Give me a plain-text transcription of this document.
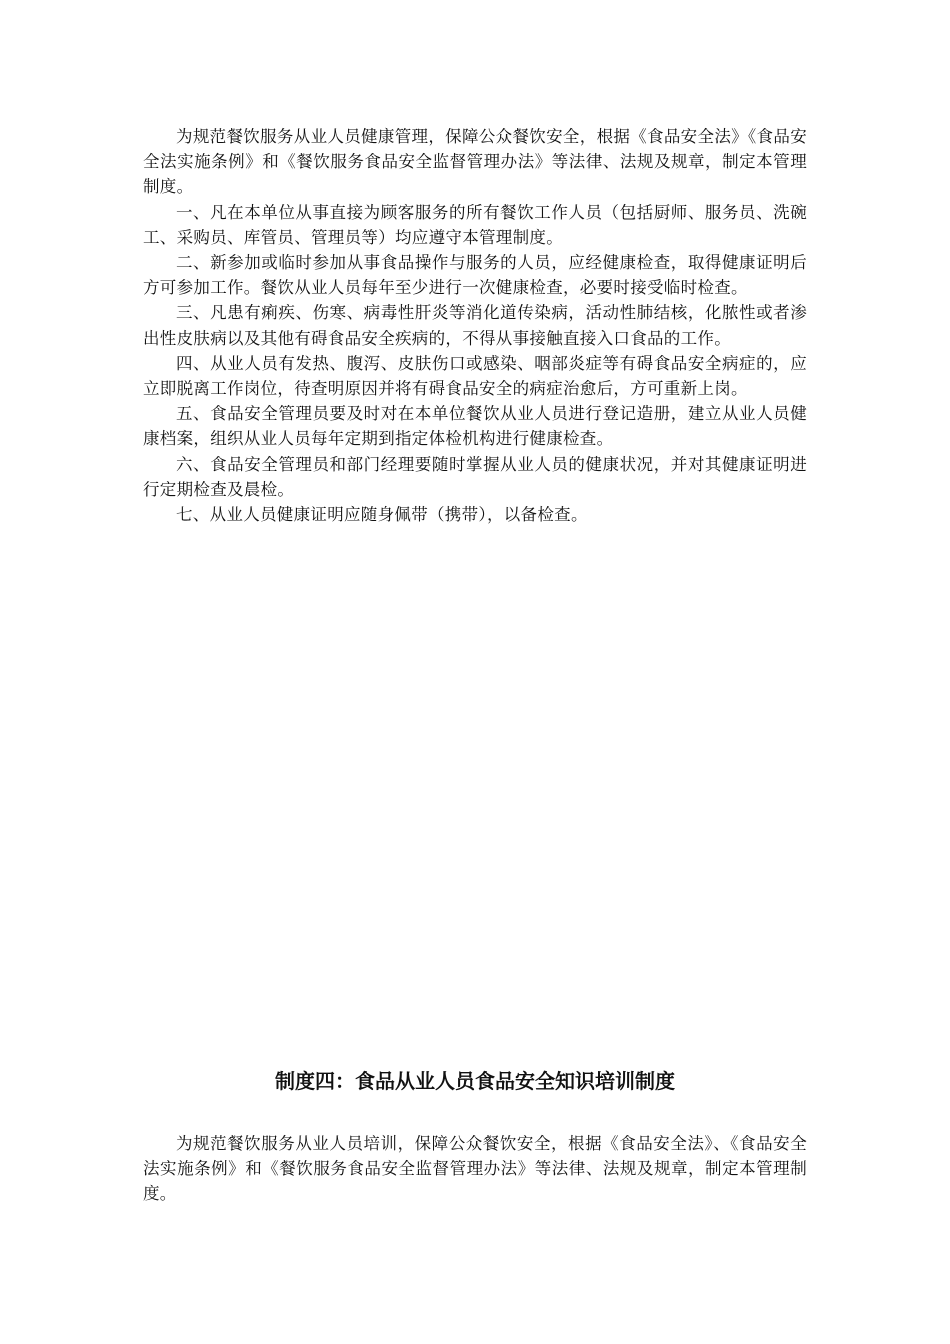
为规范餐饮服务从业人员健康管理，保障公众餐饮安全，根据《食品安全法》《食品安全法实施条例》和《餐饮服务食品安全监督管理办法》等法律、法规及规章，制定本管理制度。

一、凡在本单位从事直接为顾客服务的所有餐饮工作人员（包括厨师、服务员、洗碗工、采购员、库管员、管理员等）均应遵守本管理制度。

二、新参加或临时参加从事食品操作与服务的人员，应经健康检查，取得健康证明后方可参加工作。餐饮从业人员每年至少进行一次健康检查，必要时接受临时检查。

三、凡患有痢疾、伤寒、病毒性肝炎等消化道传染病，活动性肺结核，化脓性或者渗出性皮肤病以及其他有碍食品安全疾病的，不得从事接触直接入口食品的工作。

四、从业人员有发热、腹泻、皮肤伤口或感染、咽部炎症等有碍食品安全病症的，应立即脱离工作岗位，待查明原因并将有碍食品安全的病症治愈后，方可重新上岗。

五、食品安全管理员要及时对在本单位餐饮从业人员进行登记造册，建立从业人员健康档案，组织从业人员每年定期到指定体检机构进行健康检查。

六、食品安全管理员和部门经理要随时掌握从业人员的健康状况，并对其健康证明进行定期检查及晨检。

七、从业人员健康证明应随身佩带（携带），以备检查。

制度四：食品从业人员食品安全知识培训制度

为规范餐饮服务从业人员培训，保障公众餐饮安全，根据《食品安全法》、《食品安全法实施条例》和《餐饮服务食品安全监督管理办法》等法律、法规及规章，制定本管理制度。
